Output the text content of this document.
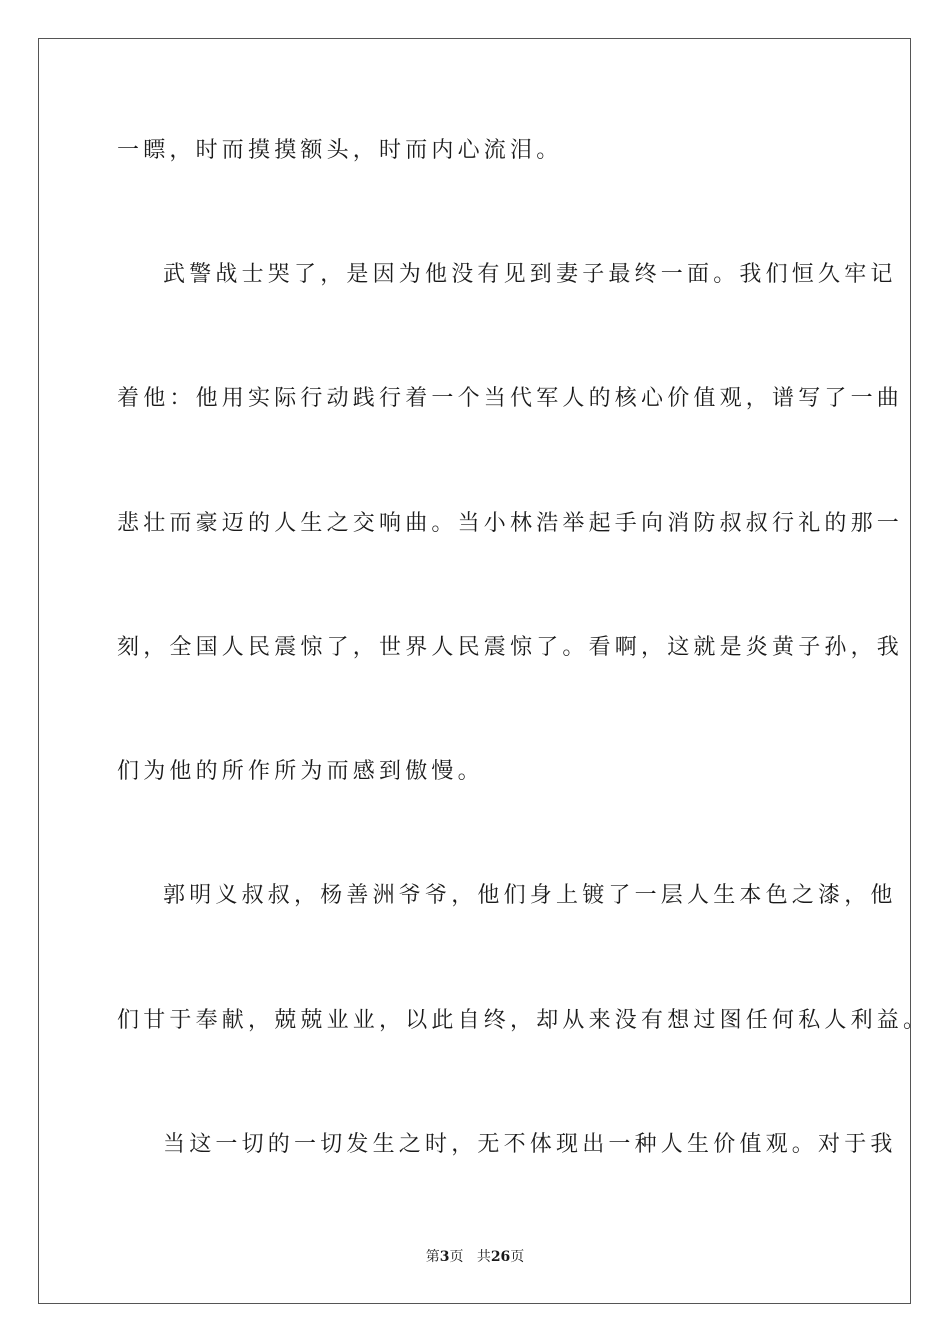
一瞟，时而摸摸额头，时而内心流泪。
武警战士哭了，是因为他没有见到妻子最终一面。我们恒久牢记
着他：他用实际行动践行着一个当代军人的核心价值观，谱写了一曲
悲壮而豪迈的人生之交响曲。当小林浩举起手向消防叔叔行礼的那一
刻，全国人民震惊了，世界人民震惊了。看啊，这就是炎黄子孙，我
们为他的所作所为而感到傲慢。
郭明义叔叔，杨善洲爷爷，他们身上镀了一层人生本色之漆，他
们甘于奉献，兢兢业业，以此自终，却从来没有想过图任何私人利益。
当这一切的一切发生之时，无不体现出一种人生价值观。对于我
第3页 共26页
